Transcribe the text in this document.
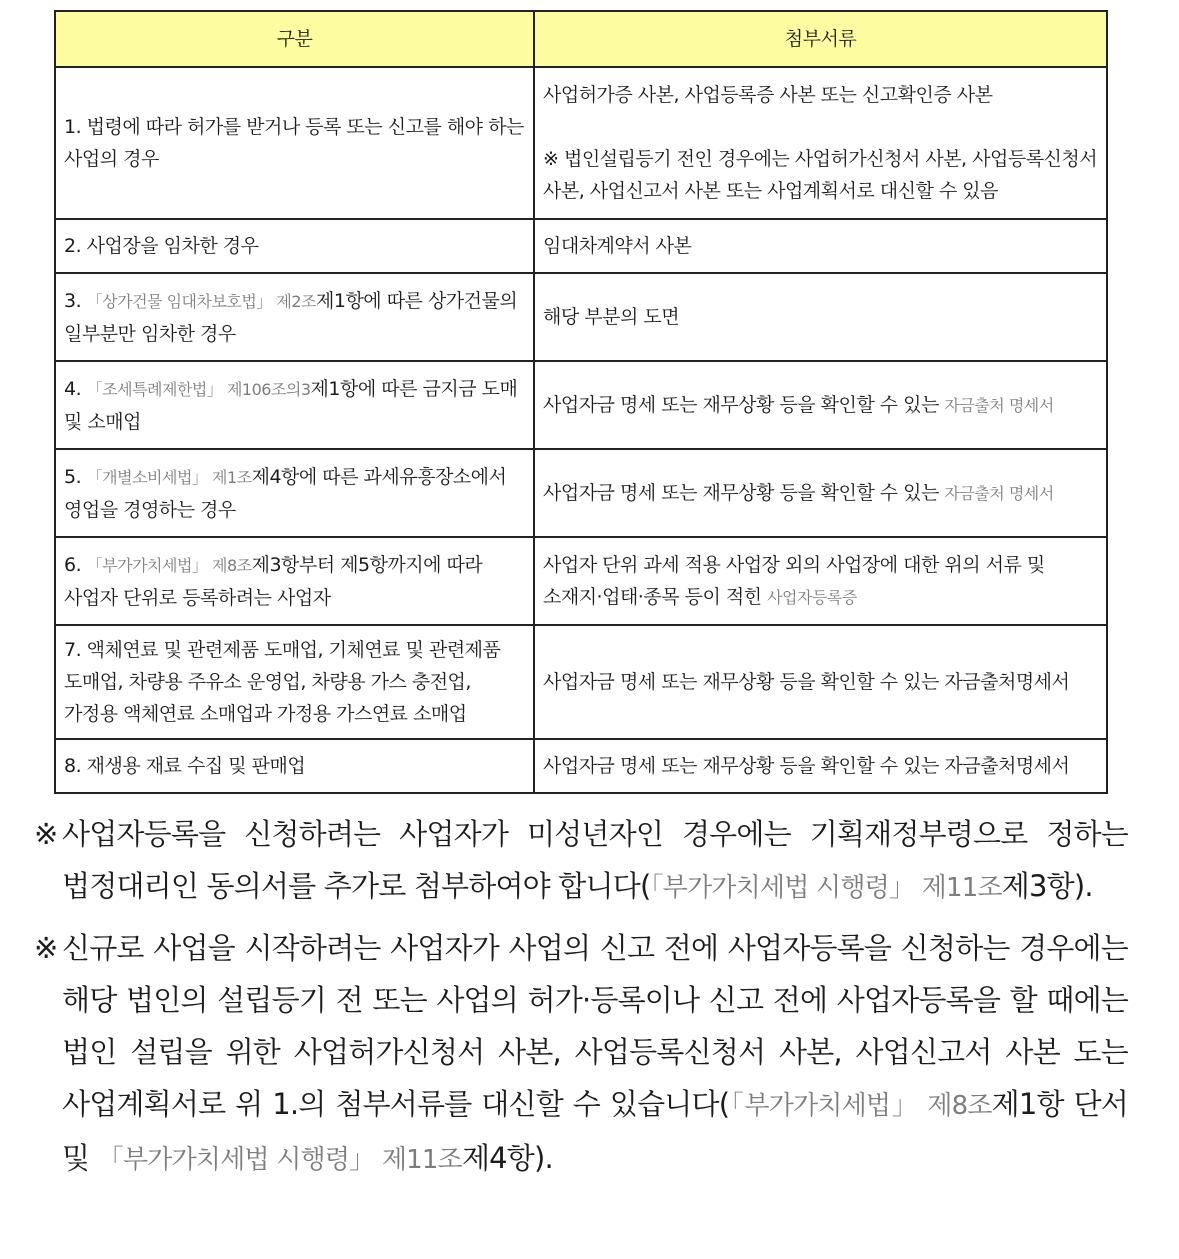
구분	첨부서류
1. 법령에 따라 허가를 받거나 등록 또는 신고를 해야 하는 사업의 경우	사업허가증 사본, 사업등록증 사본 또는 신고확인증 사본
※ 법인설립등기 전인 경우에는 사업허가신청서 사본, 사업등록신청서 사본, 사업신고서 사본 또는 사업계획서로 대신할 수 있음
2. 사업장을 임차한 경우	임대차계약서 사본
3. 「상가건물 임대차보호법」 제2조제1항에 따른 상가건물의 일부분만 임차한 경우	해당 부분의 도면
4. 「조세특례제한법」 제106조의3제1항에 따른 금지금 도매 및 소매업	사업자금 명세 또는 재무상황 등을 확인할 수 있는 자금출처 명세서
5. 「개별소비세법」 제1조제4항에 따른 과세유흥장소에서 영업을 경영하는 경우	사업자금 명세 또는 재무상황 등을 확인할 수 있는 자금출처 명세서
6. 「부가가치세법」 제8조제3항부터 제5항까지에 따라 사업자 단위로 등록하려는 사업자	사업자 단위 과세 적용 사업장 외의 사업장에 대한 위의 서류 및 소재지·업태·종목 등이 적힌 사업자등록증
7. 액체연료 및 관련제품 도매업, 기체연료 및 관련제품 도매업, 차량용 주유소 운영업, 차량용 가스 충전업, 가정용 액체연료 소매업과 가정용 가스연료 소매업	사업자금 명세 또는 재무상황 등을 확인할 수 있는 자금출처명세서
8. 재생용 재료 수집 및 판매업	사업자금 명세 또는 재무상황 등을 확인할 수 있는 자금출처명세서

※ 사업자등록을 신청하려는 사업자가 미성년자인 경우에는 기획재정부령으로 정하는 법정대리인 동의서를 추가로 첨부하여야 합니다(「부가가치세법 시행령」 제11조제3항).

※ 신규로 사업을 시작하려는 사업자가 사업의 신고 전에 사업자등록을 신청하는 경우에는 해당 법인의 설립등기 전 또는 사업의 허가·등록이나 신고 전에 사업자등록을 할 때에는 법인 설립을 위한 사업허가신청서 사본, 사업등록신청서 사본, 사업신고서 사본 도는 사업계획서로 위 1.의 첨부서류를 대신할 수 있습니다(「부가가치세법」 제8조제1항 단서 및 「부가가치세법 시행령」 제11조제4항).
